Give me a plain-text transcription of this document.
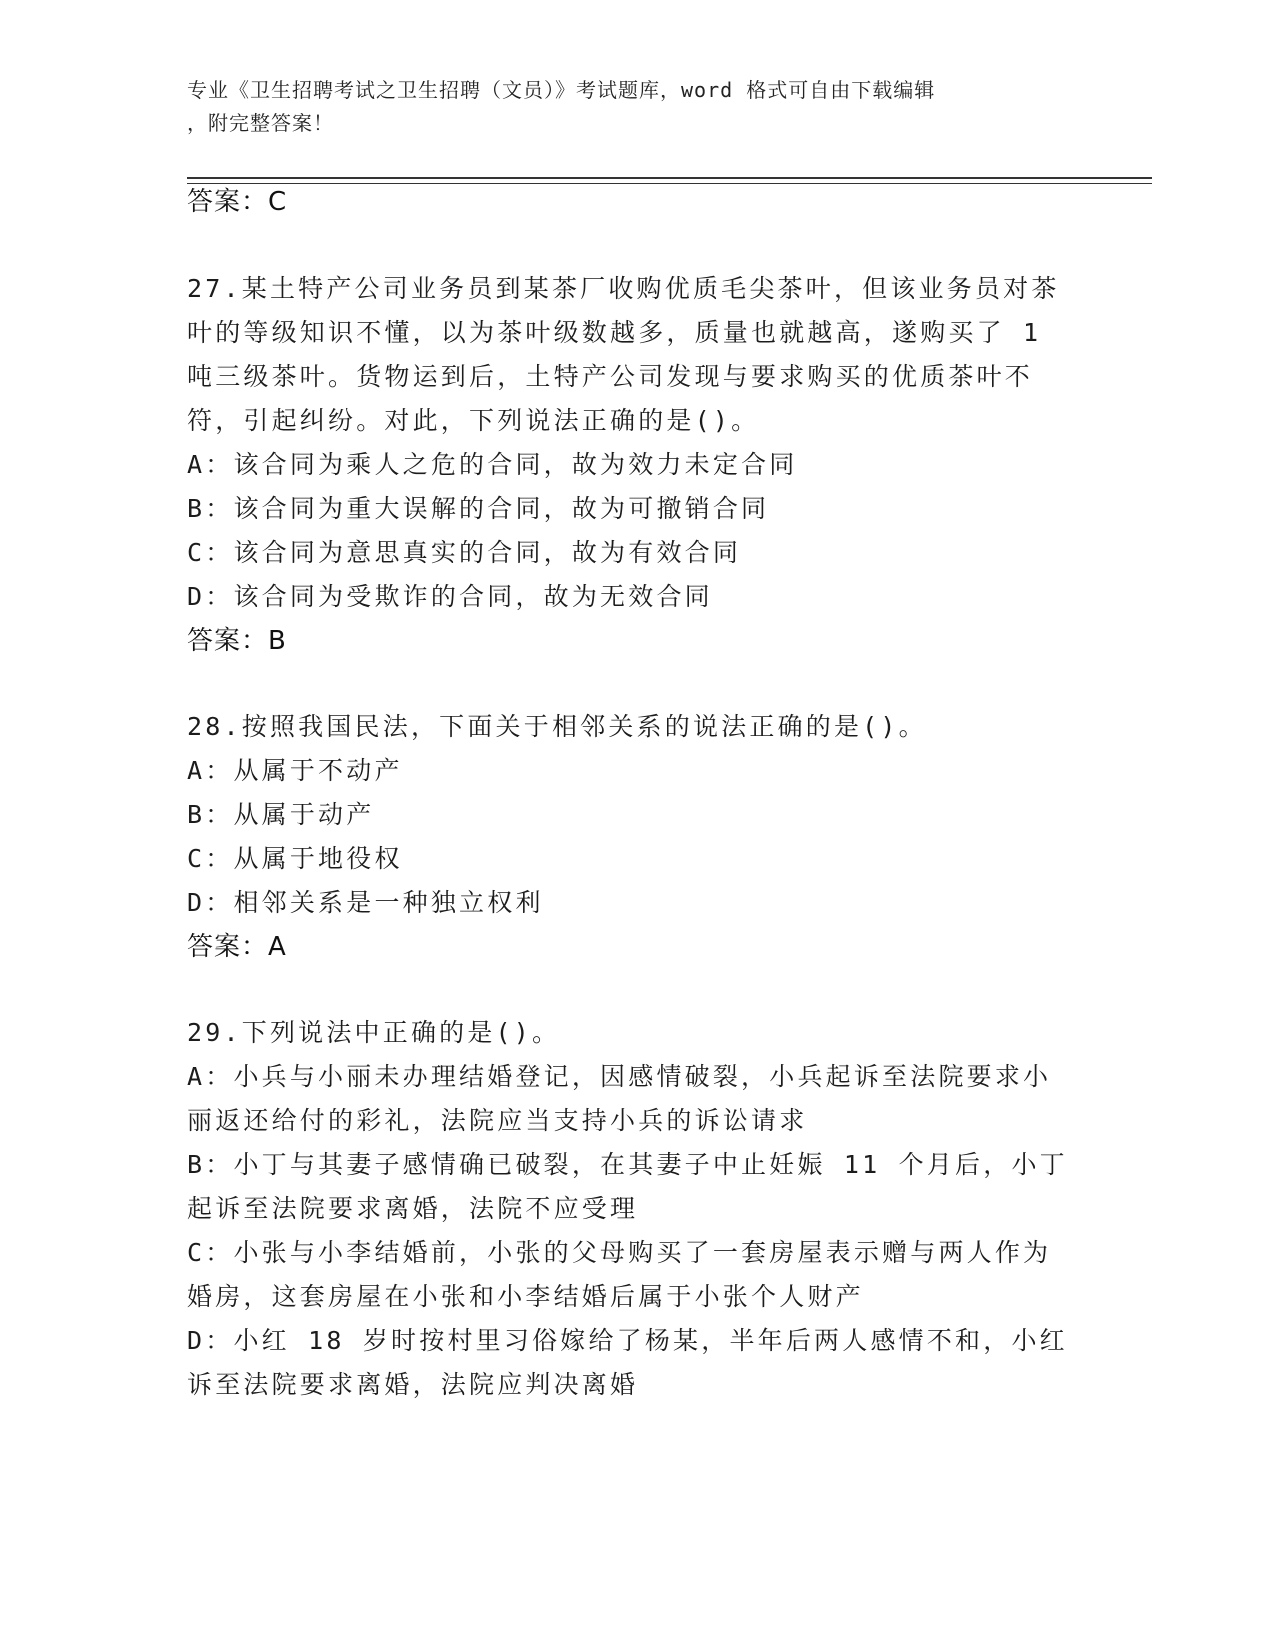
专业《卫生招聘考试之卫生招聘（文员）》考试题库，word 格式可自由下载编辑
，附完整答案！
答案：C
27.某土特产公司业务员到某茶厂收购优质毛尖茶叶，但该业务员对茶
叶的等级知识不懂，以为茶叶级数越多，质量也就越高，遂购买了 1
吨三级茶叶。货物运到后，土特产公司发现与要求购买的优质茶叶不
符，引起纠纷。对此，下列说法正确的是()。
A：该合同为乘人之危的合同，故为效力未定合同
B：该合同为重大误解的合同，故为可撤销合同
C：该合同为意思真实的合同，故为有效合同
D：该合同为受欺诈的合同，故为无效合同
答案：B
28.按照我国民法，下面关于相邻关系的说法正确的是()。
A：从属于不动产
B：从属于动产
C：从属于地役权
D：相邻关系是一种独立权利
答案：A
29.下列说法中正确的是()。
A：小兵与小丽未办理结婚登记，因感情破裂，小兵起诉至法院要求小
丽返还给付的彩礼，法院应当支持小兵的诉讼请求
B：小丁与其妻子感情确已破裂，在其妻子中止妊娠 11 个月后，小丁
起诉至法院要求离婚，法院不应受理
C：小张与小李结婚前，小张的父母购买了一套房屋表示赠与两人作为
婚房，这套房屋在小张和小李结婚后属于小张个人财产
D：小红 18 岁时按村里习俗嫁给了杨某，半年后两人感情不和，小红
诉至法院要求离婚，法院应判决离婚
